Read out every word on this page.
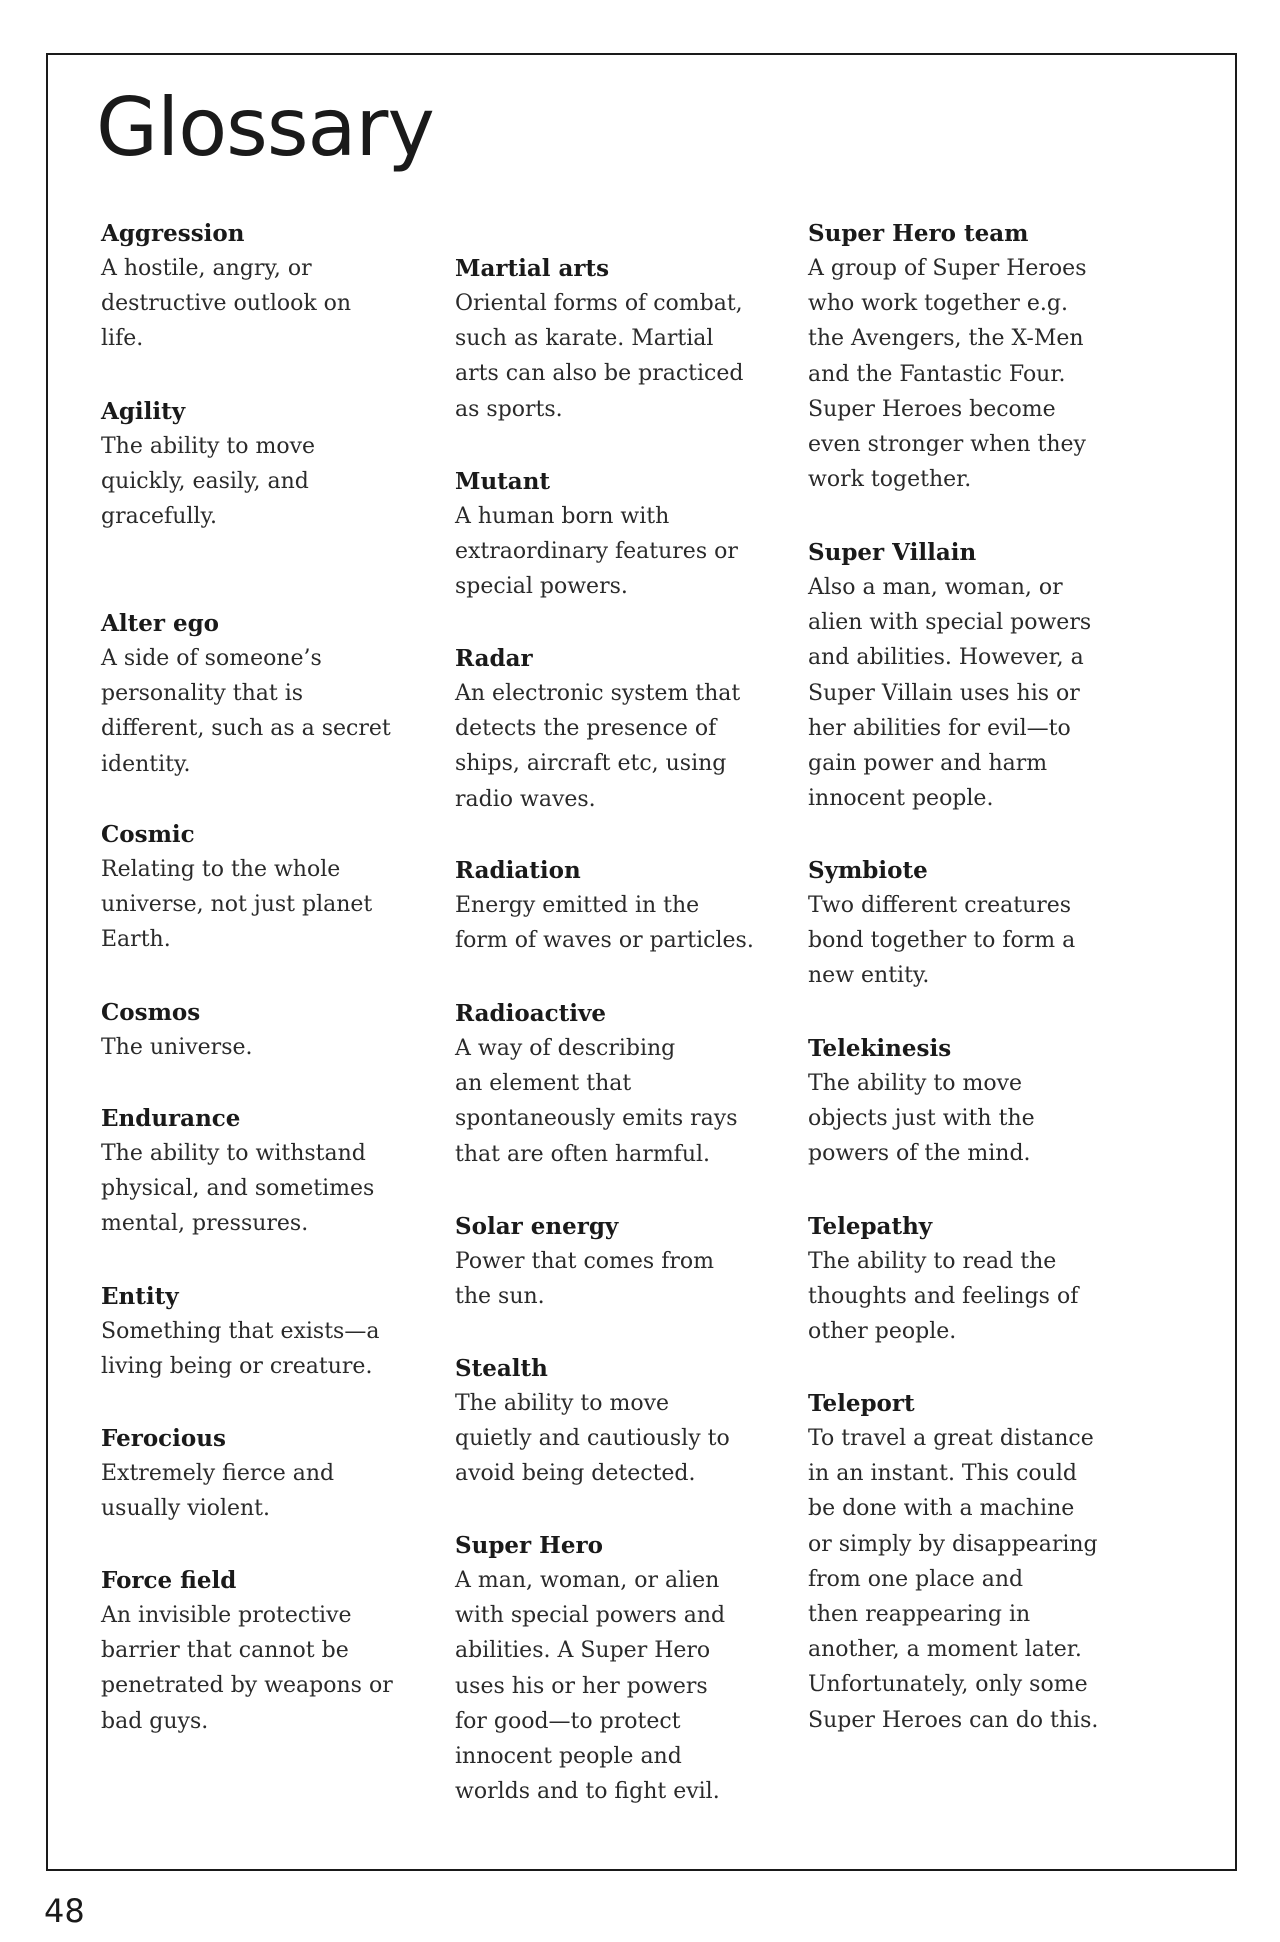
Glossary
48

Aggression

A hostile, angry, or
destructive outlook on
life.

Agility

The ability to move
quickly, easily, and
gracefully.

Alter ego

A side of someone’s
personality that is
different, such as a secret
identity.

Cosmic

Relating to the whole
universe, not just planet
Earth.

Cosmos

The universe.

Endurance

The ability to withstand
physical, and sometimes
mental, pressures.

Entity

Something that exists—a
living being or creature.

Ferocious

Extremely fierce and
usually violent.

Force field

An invisible protective
barrier that cannot be
penetrated by weapons or
bad guys.

Martial arts

Oriental forms of combat,
such as karate. Martial
arts can also be practiced
as sports.

Mutant

A human born with
extraordinary features or
special powers.

Radar

An electronic system that
detects the presence of
ships, aircraft etc, using
radio waves.

Radiation

Energy emitted in the
form of waves or particles.

Radioactive

A way of describing
an element that
spontaneously emits rays
that are often harmful.

Solar energy

Power that comes from
the sun.

Stealth

The ability to move
quietly and cautiously to
avoid being detected.

Super Hero

A man, woman, or alien
with special powers and
abilities. A Super Hero
uses his or her powers
for good—to protect
innocent people and
worlds and to fight evil.

Super Hero team

A group of Super Heroes
who work together e.g.
the Avengers, the X-Men
and the Fantastic Four.
Super Heroes become
even stronger when they
work together.

Super Villain

Also a man, woman, or
alien with special powers
and abilities. However, a
Super Villain uses his or
her abilities for evil—to
gain power and harm
innocent people.

Symbiote

Two different creatures
bond together to form a
new entity.

Telekinesis

The ability to move
objects just with the
powers of the mind.

Telepathy

The ability to read the
thoughts and feelings of
other people.

Teleport

To travel a great distance
in an instant. This could
be done with a machine
or simply by disappearing
from one place and
then reappearing in
another, a moment later.
Unfortunately, only some
Super Heroes can do this.
